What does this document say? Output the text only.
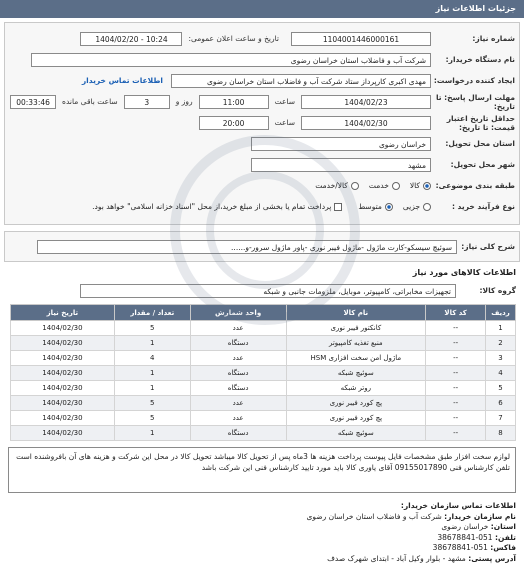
جزئیات اطلاعات نیاز
شماره نیاز:
1104001446000161
تاریخ و ساعت اعلان عمومی:
1404/02/20 - 10:24
نام دستگاه خریدار:
شرکت آب و فاضلاب استان خراسان رضوی
ایجاد کننده درخواست:
مهدی اکبری کارپرداز ستاد شرکت آب و فاضلاب استان خراسان رضوی
اطلاعات تماس خریدار
مهلت ارسال پاسخ: تا تاریخ:
1404/02/23
ساعت
11:00
روز و
3
ساعت باقی مانده
00:33:46
حداقل تاریخ اعتبار قیمت: تا تاریخ:
1404/02/30
ساعت
20:00
استان محل تحویل:
خراسان رضوی
شهر محل تحویل:
مشهد
طبقه بندی موضوعی:
کالا
خدمت
کالا/خدمت
نوع فرآیند خرید :
جزیی
متوسط
پرداخت تمام یا بخشی از مبلغ خرید،از محل "اسناد خزانه اسلامی" خواهد بود.
شرح کلی نیاز:
سوئیچ سیسکو-کارت ماژول -ماژول فیبر نوری -پاور ماژول سرور-و......
اطلاعات کالاهای مورد نیاز
گروه کالا:
تجهیزات مخابراتی، کامپیوتر، موبایل، ملزومات جانبی و شبکه
ردیف	کد کالا	نام کالا	واحد شمارش	تعداد / مقدار	تاریخ نیاز
1	--	کانکتور فیبر نوری	عدد	5	1404/02/30
2	--	منبع تغذیه کامپیوتر	دستگاه	1	1404/02/30
3	--	ماژول امن سخت افزاری HSM	عدد	4	1404/02/30
4	--	سوئیچ شبکه	دستگاه	1	1404/02/30
5	--	روتر شبکه	دستگاه	1	1404/02/30
6	--	پچ کورد فیبر نوری	عدد	5	1404/02/30
7	--	پچ کورد فیبر نوری	عدد	5	1404/02/30
8	--	سوئیچ شبکه	دستگاه	1	1404/02/30
لوازم سخت افزار طبق مشخصات فایل پیوست پرداخت هزینه ها 3ماه پس از تحویل کالا میباشد تحویل کالا در محل این شرکت و هزینه های آن بافروشنده است تلفن کارشناس فنی 09155017890 آقای یاوری کالا باید مورد تایید کارشناس فنی این شرکت باشد
اطلاعات تماس سازمان خریدار:
نام سازمان خریدار: شرکت آب و فاضلاب استان خراسان رضوی
استان: خراسان رضوی
تلفن: 051-38678841
فاکس: 051-38678841
آدرس پستی: مشهد - بلوار وکیل آباد - ابتدای شهرک صدف
